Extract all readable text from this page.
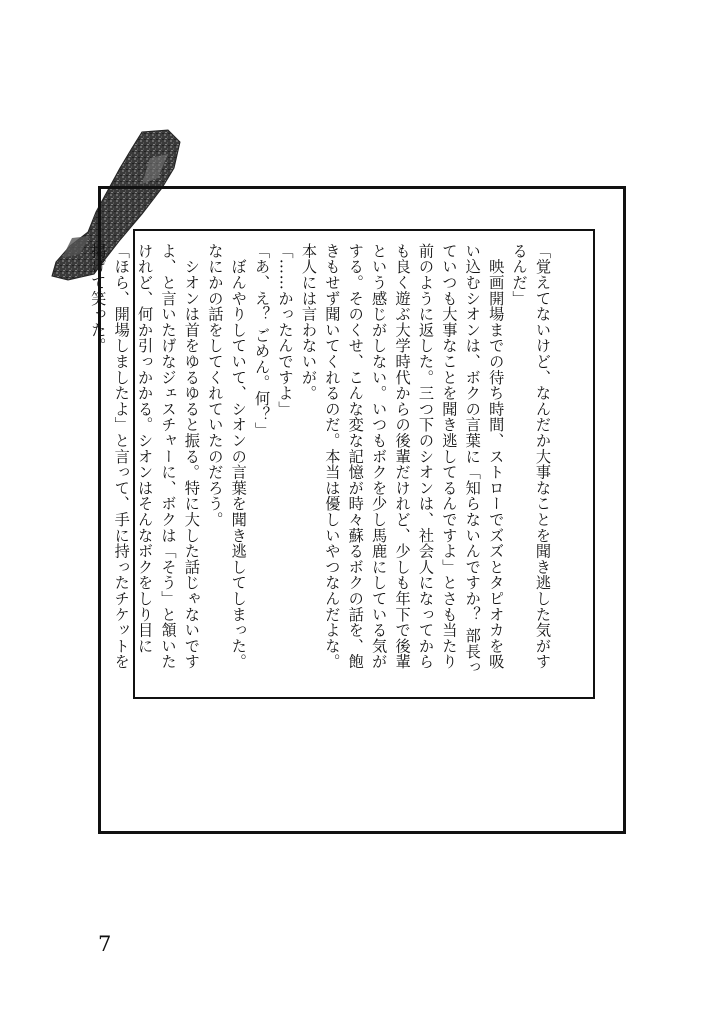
「覚えてないけど、なんだか大事なことを聞き逃した気がするんだ」

　映画開場までの待ち時間、ストローでズズとタピオカを吸い込むシオンは、ボクの言葉に「知らないんですか？ 部長っていつも大事なことを聞き逃してるんですよ」とさも当たり前のように返した。三つ下のシオンは、社会人になってからも良く遊ぶ大学時代からの後輩だけれど、少しも年下で後輩という感じがしない。いつもボクを少し馬鹿にしている気がする。そのくせ、こんな変な記憶が時々蘇るボクの話を、飽きもせず聞いてくれるのだ。本当は優しいやつなんだよな。本人には言わないが。

「……かったんですよ」

「あ、え？ ごめん。何？」

　ぼんやりしていて、シオンの言葉を聞き逃してしまった。なにかの話をしてくれていたのだろう。

　シオンは首をゆるゆると振る。特に大した話じゃないですよ、と言いたげなジェスチャーに、ボクは「そう」と頷いたけれど、何か引っかかる。シオンはそんなボクをしり目に「ほら、開場しましたよ」と言って、手に持ったチケットを掲げて笑った。

7
